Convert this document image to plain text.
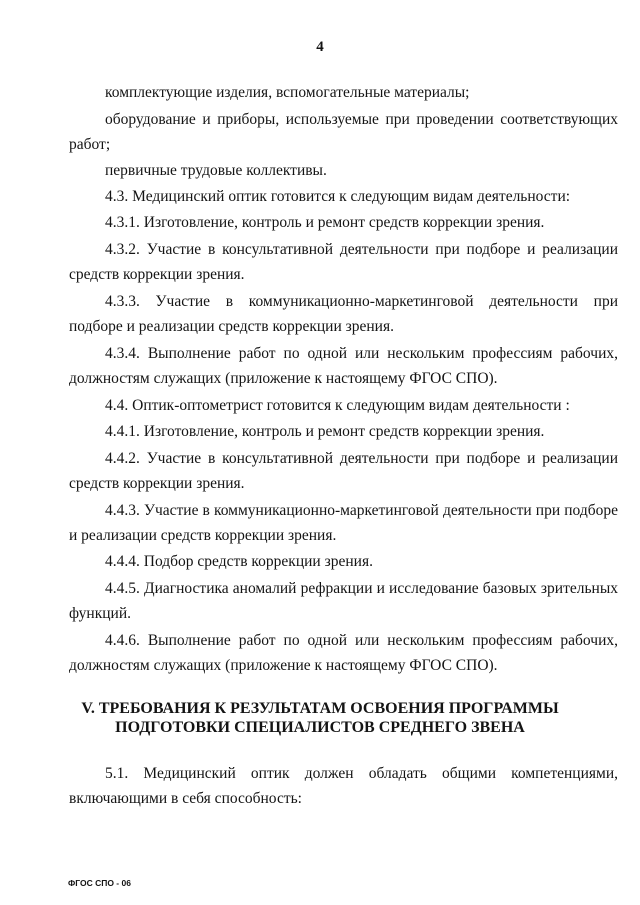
4
комплектующие изделия, вспомогательные материалы;
оборудование и приборы, используемые при проведении соответствующих
работ;
первичные трудовые коллективы.
4.3. Медицинский оптик готовится к следующим видам деятельности:
4.3.1. Изготовление, контроль и ремонт средств коррекции зрения.
4.3.2. Участие в консультативной деятельности при подборе и реализации
средств коррекции зрения.
4.3.3. Участие в коммуникационно-маркетинговой деятельности при
подборе и реализации средств коррекции зрения.
4.3.4. Выполнение работ по одной или нескольким профессиям рабочих,
должностям служащих (приложение к настоящему ФГОС СПО).
4.4. Оптик-оптометрист готовится к следующим видам деятельности :
4.4.1. Изготовление, контроль и ремонт средств коррекции зрения.
4.4.2. Участие в консультативной деятельности при подборе и реализации
средств коррекции зрения.
4.4.3. Участие в коммуникационно-маркетинговой деятельности при подборе
и реализации средств коррекции зрения.
4.4.4. Подбор средств коррекции зрения.
4.4.5. Диагностика аномалий рефракции и исследование базовых зрительных
функций.
4.4.6. Выполнение работ по одной или нескольким профессиям рабочих,
должностям служащих (приложение к настоящему ФГОС СПО).
V. ТРЕБОВАНИЯ К РЕЗУЛЬТАТАМ ОСВОЕНИЯ ПРОГРАММЫ
ПОДГОТОВКИ СПЕЦИАЛИСТОВ СРЕДНЕГО ЗВЕНА
5.1. Медицинский оптик должен обладать общими компетенциями,
включающими в себя способность:
ФГОС СПО - 06
